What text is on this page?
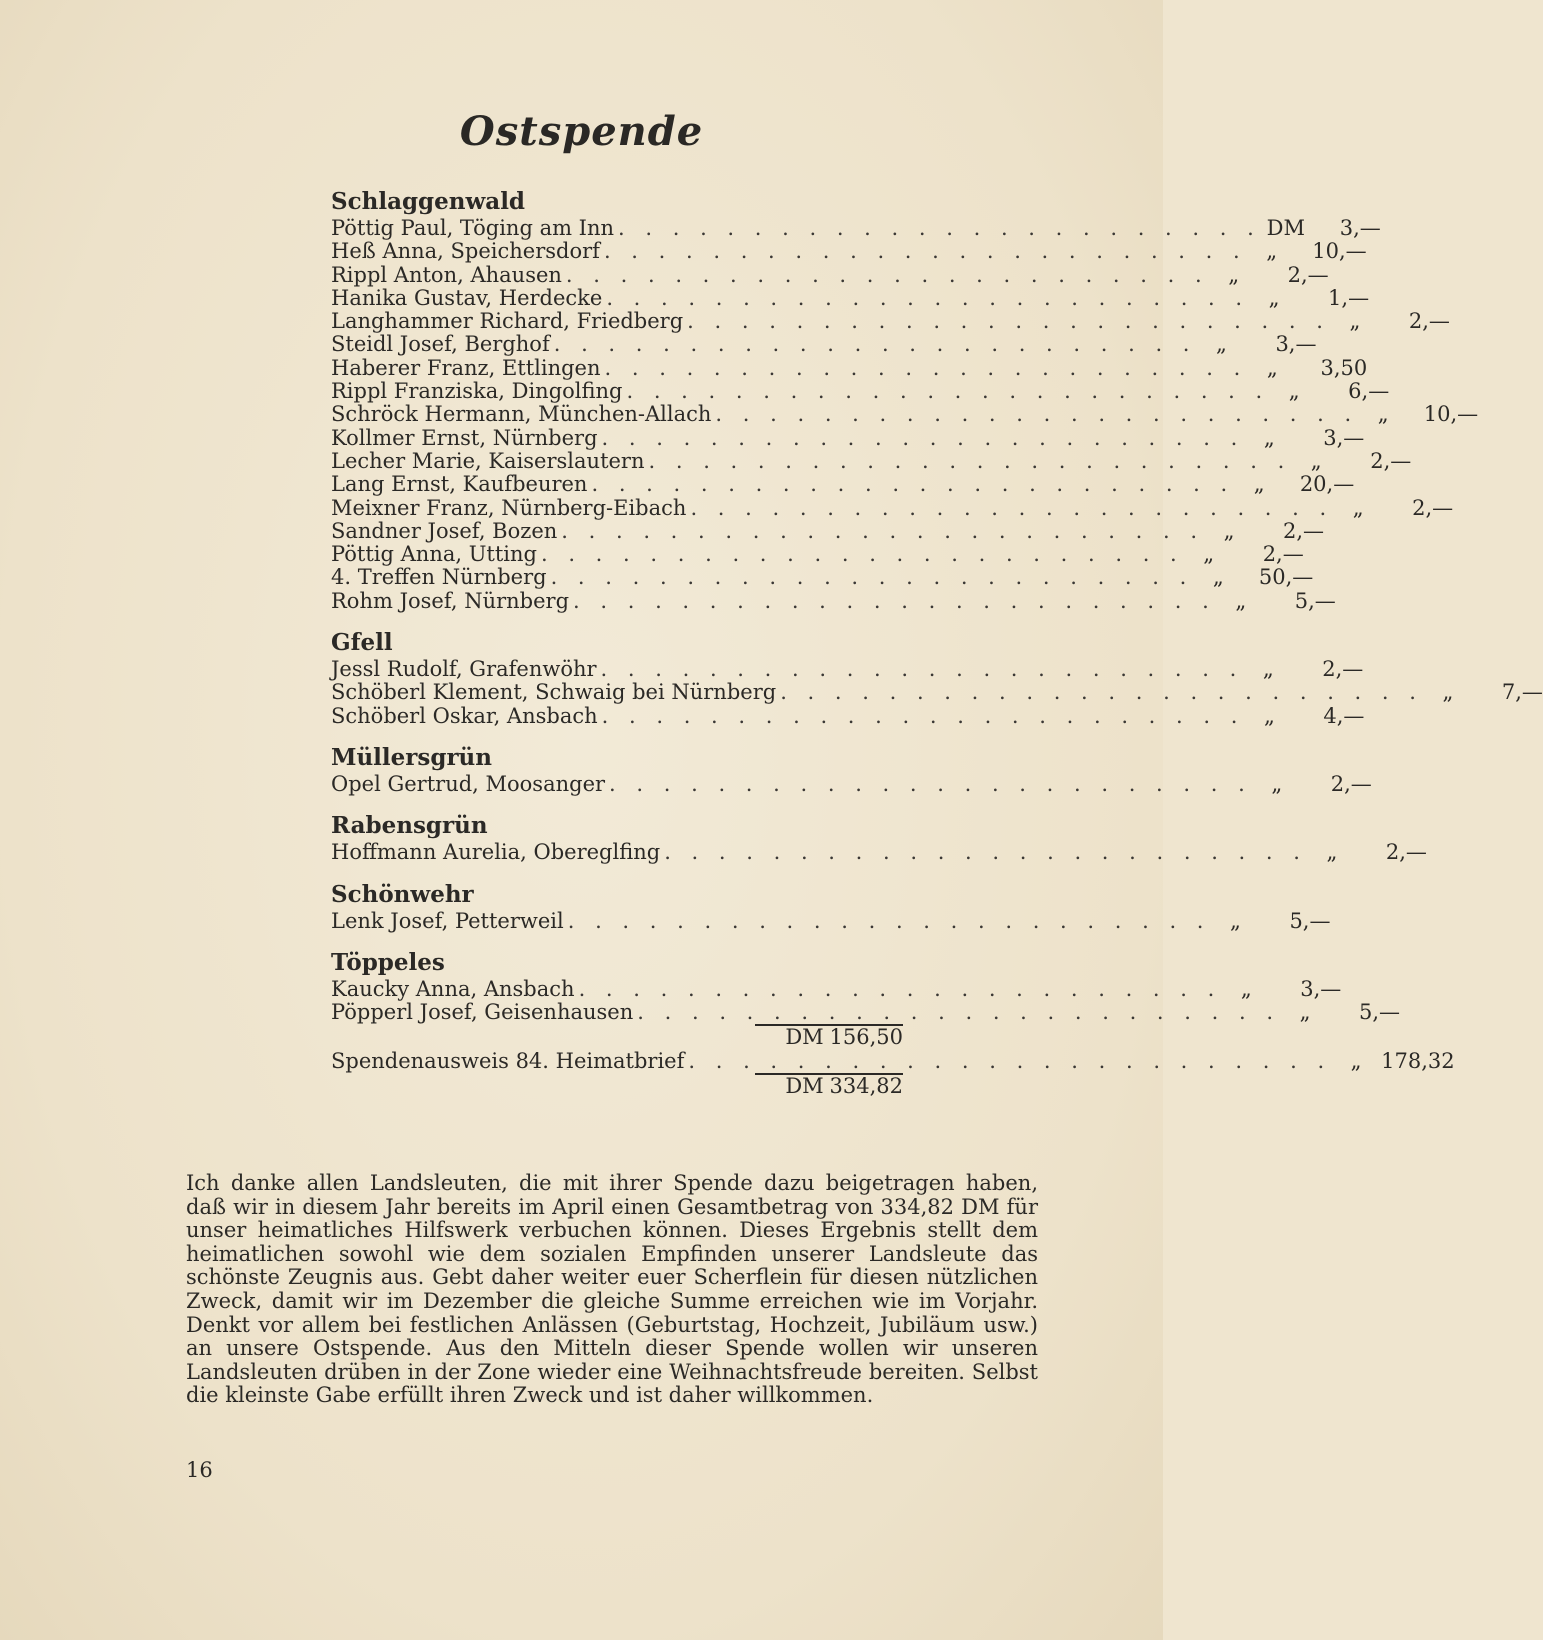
Ostspende
Schlaggenwald
Pöttig Paul, Töging am Inn . . . . . . . . . . . . . . . . . . . . . . . . DM	3,—
Heß Anna, Speichersdorf . . . . . . . . . . . . . . . . . . . . . . . . „	10,—
Rippl Anton, Ahausen . . . . . . . . . . . . . . . . . . . . . . . . „	2,—
Hanika Gustav, Herdecke . . . . . . . . . . . . . . . . . . . . . . . . „	1,—
Langhammer Richard, Friedberg . . . . . . . . . . . . . . . . . . . . . . . . „	2,—
Steidl Josef, Berghof . . . . . . . . . . . . . . . . . . . . . . . . „	3,—
Haberer Franz, Ettlingen . . . . . . . . . . . . . . . . . . . . . . . . „	3,50
Rippl Franziska, Dingolfing . . . . . . . . . . . . . . . . . . . . . . . . „	6,—
Schröck Hermann, München-Allach . . . . . . . . . . . . . . . . . . . . . . . . „	10,—
Kollmer Ernst, Nürnberg . . . . . . . . . . . . . . . . . . . . . . . . „	3,—
Lecher Marie, Kaiserslautern . . . . . . . . . . . . . . . . . . . . . . . . „	2,—
Lang Ernst, Kaufbeuren . . . . . . . . . . . . . . . . . . . . . . . . „	20,—
Meixner Franz, Nürnberg-Eibach . . . . . . . . . . . . . . . . . . . . . . . . „	2,—
Sandner Josef, Bozen . . . . . . . . . . . . . . . . . . . . . . . . „	2,—
Pöttig Anna, Utting . . . . . . . . . . . . . . . . . . . . . . . . „	2,—
4. Treffen Nürnberg . . . . . . . . . . . . . . . . . . . . . . . . „	50,—
Rohm Josef, Nürnberg . . . . . . . . . . . . . . . . . . . . . . . . „	5,—
Gfell
Jessl Rudolf, Grafenwöhr . . . . . . . . . . . . . . . . . . . . . . . . „	2,—
Schöberl Klement, Schwaig bei Nürnberg . . . . . . . . . . . . . . . . . . . . . . . . „	7,—
Schöberl Oskar, Ansbach . . . . . . . . . . . . . . . . . . . . . . . . „	4,—
Müllersgrün
Opel Gertrud, Moosanger . . . . . . . . . . . . . . . . . . . . . . . . „	2,—
Rabensgrün
Hoffmann Aurelia, Obereglfing . . . . . . . . . . . . . . . . . . . . . . . . „	2,—
Schönwehr
Lenk Josef, Petterweil . . . . . . . . . . . . . . . . . . . . . . . . „	5,—
Töppeles
Kaucky Anna, Ansbach . . . . . . . . . . . . . . . . . . . . . . . . „	3,—
Pöpperl Josef, Geisenhausen . . . . . . . . . . . . . . . . . . . . . . . . „	5,—
DM 156,50
Spendenausweis 84. Heimatbrief . . . . . . . . . . . . . . . . . . . . . . . . „ 178,32
DM 334,82
Ich danke allen Landsleuten, die mit ihrer Spende dazu beigetragen haben, daß wir in diesem Jahr bereits im April einen Gesamtbetrag von 334,82 DM für unser heimatliches Hilfswerk verbuchen können. Dieses Ergebnis stellt dem heimatlichen sowohl wie dem sozialen Empfinden unserer Landsleute das schönste Zeugnis aus. Gebt daher weiter euer Scherflein für diesen nützlichen Zweck, damit wir im Dezember die gleiche Summe erreichen wie im Vorjahr. Denkt vor allem bei festlichen Anlässen (Geburtstag, Hochzeit, Jubiläum usw.) an unsere Ostspende. Aus den Mitteln dieser Spende wollen wir unseren Landsleuten drüben in der Zone wieder eine Weihnachtsfreude bereiten. Selbst die kleinste Gabe erfüllt ihren Zweck und ist daher willkommen.
16
